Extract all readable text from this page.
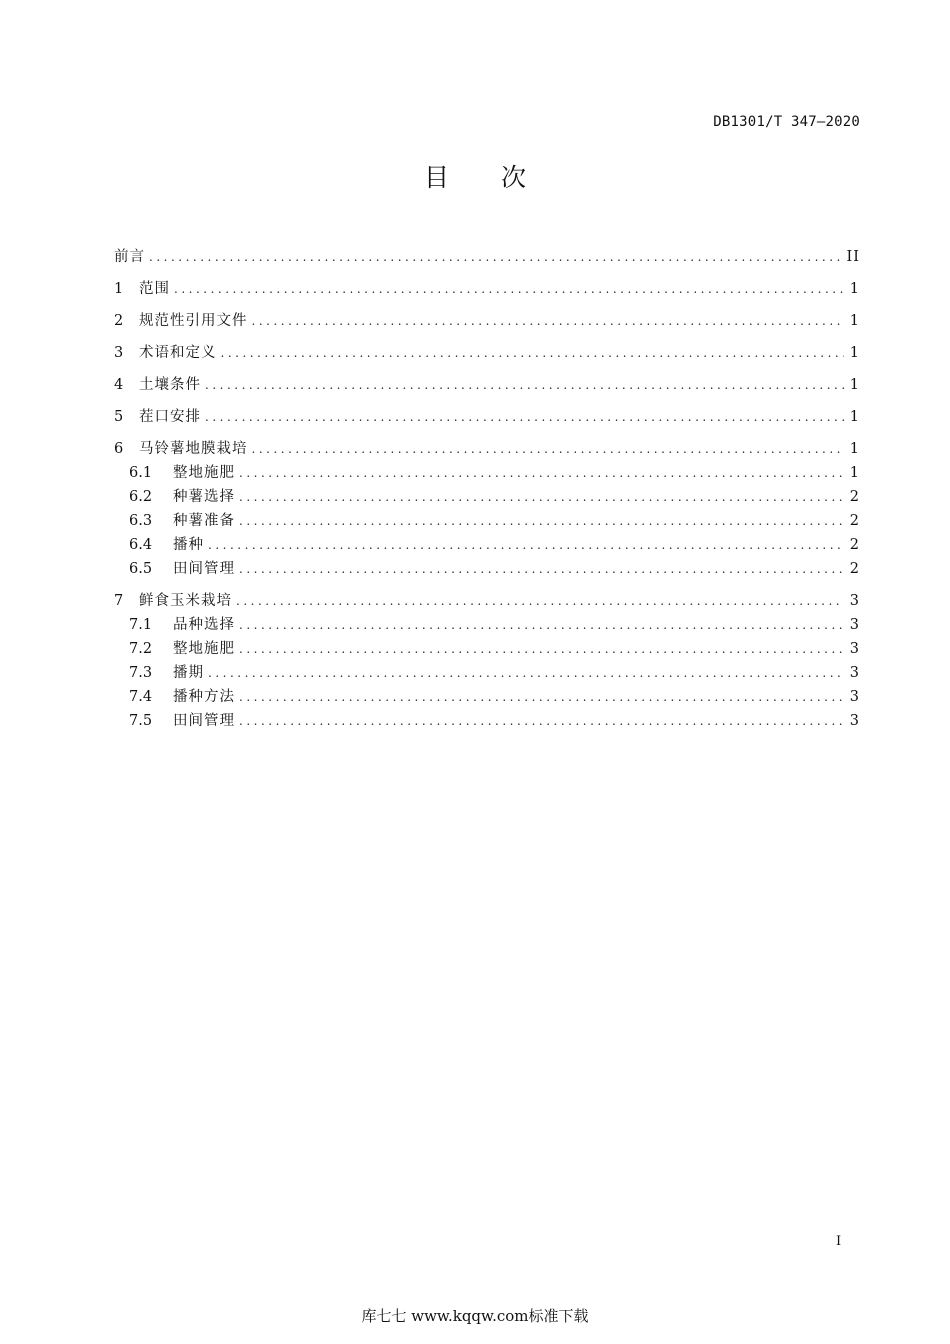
DB1301/T 347—2020
目次
前言 .....	II
1	范围 .....	1
2	规范性引用文件 .....	1
3	术语和定义 .....	1
4	土壤条件 .....	1
5	茬口安排 .....	1
6	马铃薯地膜栽培 .....	1
6.1	整地施肥 .....	1
6.2	种薯选择 .....	2
6.3	种薯准备 .....	2
6.4	播种 .....	2
6.5	田间管理 .....	2
7	鲜食玉米栽培 .....	3
7.1	品种选择 .....	3
7.2	整地施肥 .....	3
7.3	播期 .....	3
7.4	播种方法 .....	3
7.5	田间管理 .....	3
I
库七七 www.kqqw.com标准下载
